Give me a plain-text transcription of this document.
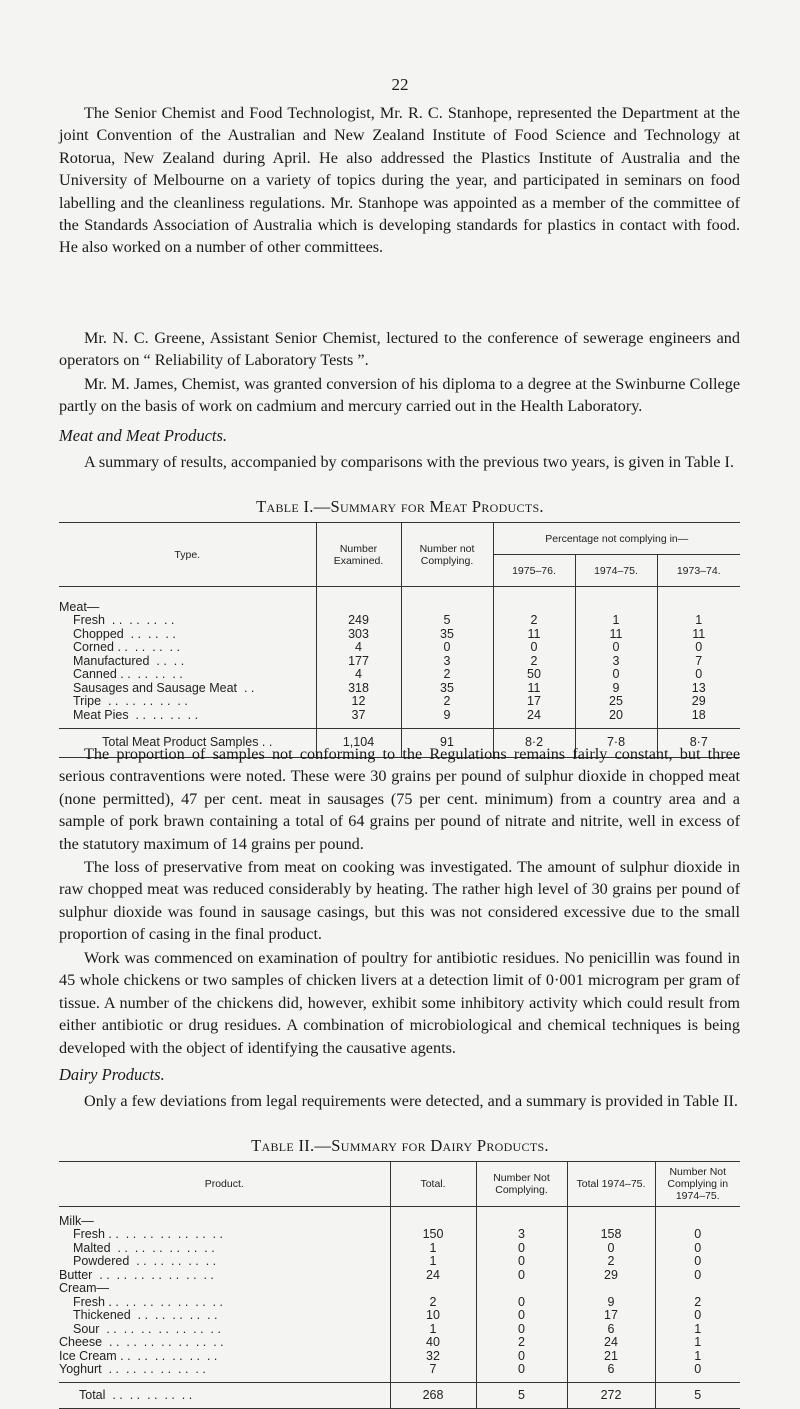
22

The Senior Chemist and Food Technologist, Mr. R. C. Stanhope, represented the Department at the joint Convention of the Australian and New Zealand Institute of Food Science and Technology at Rotorua, New Zealand during April. He also addressed the Plastics Institute of Australia and the University of Melbourne on a variety of topics during the year, and participated in seminars on food labelling and the cleanliness regulations. Mr. Stanhope was appointed as a member of the committee of the Standards Association of Australia which is developing standards for plastics in contact with food. He also worked on a number of other committees.

Mr. N. C. Greene, Assistant Senior Chemist, lectured to the conference of sewerage engineers and operators on “ Reliability of Laboratory Tests ”.

Mr. M. James, Chemist, was granted conversion of his diploma to a degree at the Swinburne College partly on the basis of work on cadmium and mercury carried out in the Health Laboratory.

Meat and Meat Products.

A summary of results, accompanied by comparisons with the previous two years, is given in Table I.

Table I.—Summary for Meat Products.
Type.	Number Examined.	Number not Complying.	Percentage not complying in—		
			1975–76.	1974–75.	1973–74.

Meat—					
Fresh  . .  . .  . .  . .	249	5	2	1	1
Chopped  . .  . .  . .	303	35	11	11	11
Corned . .  . .  . .  . .	4	0	0	0	0
Manufactured  . .  . .	177	3	2	3	7
Canned . .  . .  . .  . .	4	2	50	0	0
Sausages and Sausage Meat  . .	318	35	11	9	13
Tripe  . .  . .  . .  . .  . .	12	2	17	25	29
Meat Pies  . .  . .  . .  . .	37	9	24	20	18

Total Meat Product Samples . .	1,104	91	8·2	7·8	8·7

The proportion of samples not conforming to the Regulations remains fairly constant, but three serious contraventions were noted. These were 30 grains per pound of sulphur dioxide in chopped meat (none permitted), 47 per cent. meat in sausages (75 per cent. minimum) from a country area and a sample of pork brawn containing a total of 64 grains per pound of nitrate and nitrite, well in excess of the statutory maximum of 14 grains per pound.

The loss of preservative from meat on cooking was investigated. The amount of sulphur dioxide in raw chopped meat was reduced considerably by heating. The rather high level of 30 grains per pound of sulphur dioxide was found in sausage casings, but this was not considered excessive due to the small proportion of casing in the final product.

Work was commenced on examination of poultry for antibiotic residues. No penicillin was found in 45 whole chickens or two samples of chicken livers at a detection limit of 0·001 microgram per gram of tissue. A number of the chickens did, however, exhibit some inhibitory activity which could result from either antibiotic or drug residues. A combination of microbiological and chemical techniques is being developed with the object of identifying the causative agents.

Dairy Products.

Only a few deviations from legal requirements were detected, and a summary is provided in Table II.

Table II.—Summary for Dairy Products.
Product.	Total.	Number Not Complying.	Total 1974–75.	Number Not Complying in 1974–75.

Milk—				
Fresh . .  . .  . .  . .  . .  . .  . .	150	3	158	0
Malted  . .  . .  . .  . .  . .  . .	1	0	0	0
Powdered  . .  . .  . .  . .  . .	1	0	2	0
Butter  . .  . .  . .  . .  . .  . .  . .	24	0	29	0
Cream—				
Fresh . .  . .  . .  . .  . .  . .  . .	2	0	9	2
Thickened  . .  . .  . .  . .  . .	10	0	17	0
Sour  . .  . .  . .  . .  . .  . .  . .	1	0	6	1
Cheese  . .  . .  . .  . .  . .  . .  . .	40	2	24	1
Ice Cream . .  . .  . .  . .  . .  . .	32	0	21	1
Yoghurt  . .  . .  . .  . .  . .  . .	7	0	6	0

Total  . .  . .  . .  . .  . .	268	5	272	5
